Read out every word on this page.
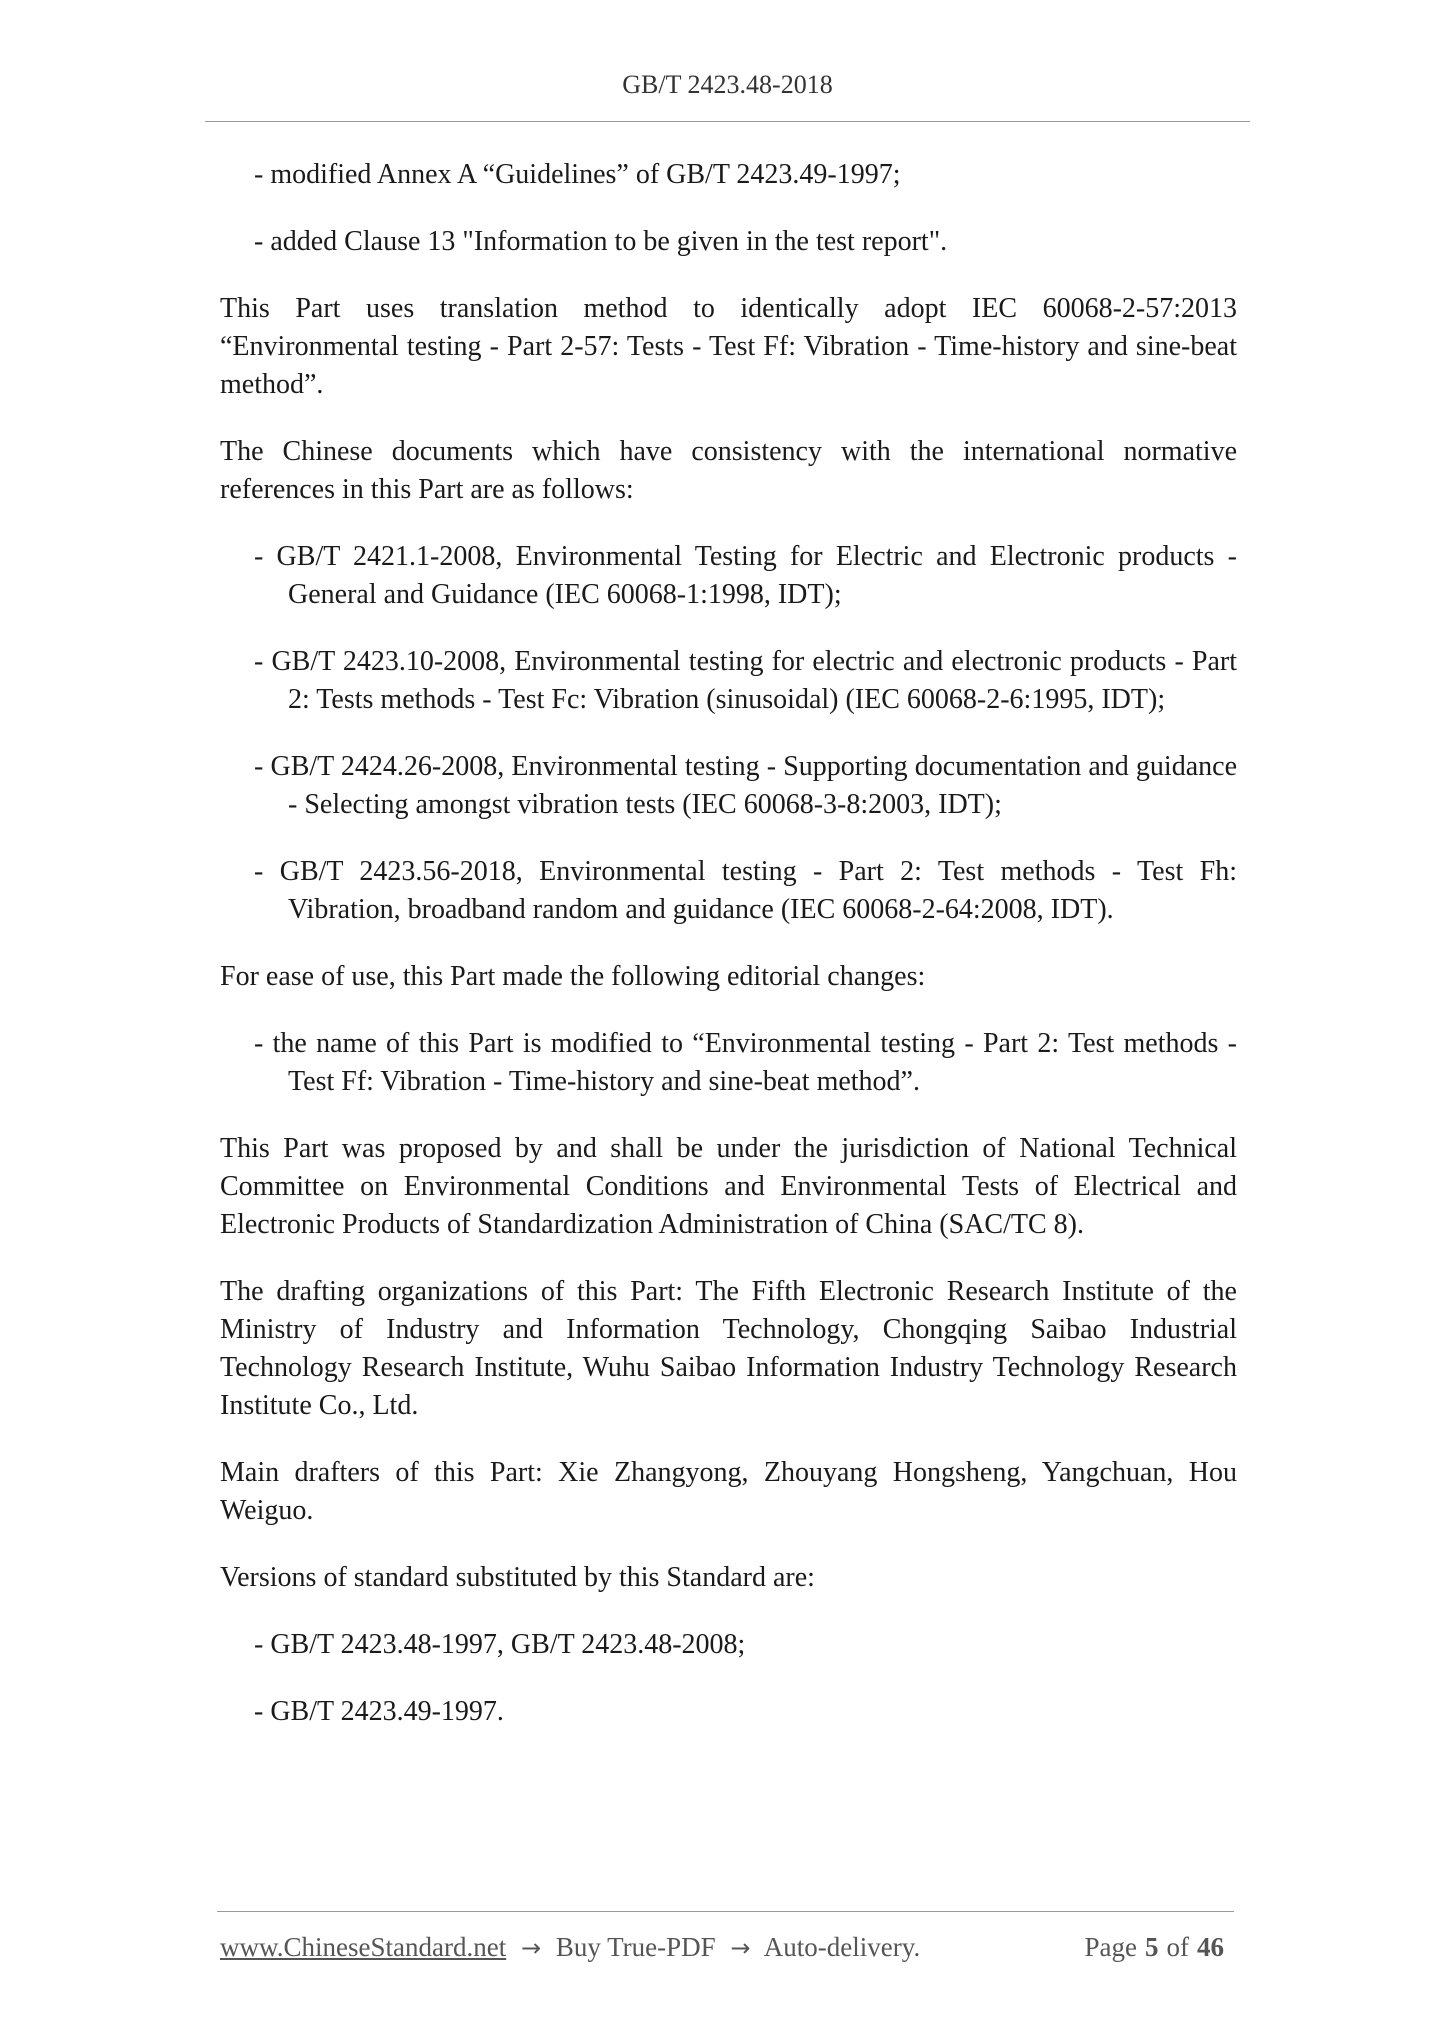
GB/T 2423.48-2018

- modified Annex A “Guidelines” of GB/T 2423.49-1997;

- added Clause 13 "Information to be given in the test report".

This Part uses translation method to identically adopt IEC 60068-2-57:2013 “Environmental testing - Part 2-57: Tests - Test Ff: Vibration - Time-history and sine-beat method”.

The Chinese documents which have consistency with the international normative references in this Part are as follows:

- GB/T 2421.1-2008, Environmental Testing for Electric and Electronic products - General and Guidance (IEC 60068-1:1998, IDT);

- GB/T 2423.10-2008, Environmental testing for electric and electronic products - Part 2: Tests methods - Test Fc: Vibration (sinusoidal) (IEC 60068-2-6:1995, IDT);

- GB/T 2424.26-2008, Environmental testing - Supporting documentation and guidance - Selecting amongst vibration tests (IEC 60068-3-8:2003, IDT);

- GB/T 2423.56-2018, Environmental testing - Part 2: Test methods - Test Fh: Vibration, broadband random and guidance (IEC 60068-2-64:2008, IDT).

For ease of use, this Part made the following editorial changes:

- the name of this Part is modified to “Environmental testing - Part 2: Test methods - Test Ff: Vibration - Time-history and sine-beat method”.

This Part was proposed by and shall be under the jurisdiction of National Technical Committee on Environmental Conditions and Environmental Tests of Electrical and Electronic Products of Standardization Administration of China (SAC/TC 8).

The drafting organizations of this Part: The Fifth Electronic Research Institute of the Ministry of Industry and Information Technology, Chongqing Saibao Industrial Technology Research Institute, Wuhu Saibao Information Industry Technology Research Institute Co., Ltd.

Main drafters of this Part: Xie Zhangyong, Zhouyang Hongsheng, Yangchuan, Hou Weiguo.

Versions of standard substituted by this Standard are:

- GB/T 2423.48-1997, GB/T 2423.48-2008;

- GB/T 2423.49-1997.

www.ChineseStandard.net → Buy True-PDF → Auto-delivery.	Page 5 of 46
